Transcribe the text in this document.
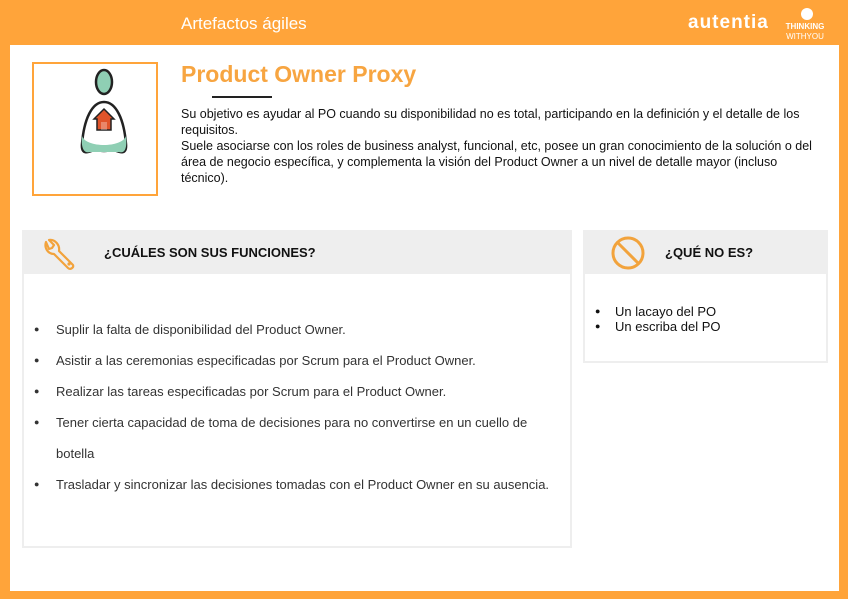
Artefactos ágiles	autentia	THINKING
WITHYOU
Product Owner Proxy

Su objetivo es ayudar al PO cuando su disponibilidad no es total, participando en la definición y el detalle de los requisitos.

Suele asociarse con los roles de business analyst, funcional, etc, posee un gran conocimiento de la solución o del área de negocio específica, y complementa la visión del Product Owner a un nivel de detalle mayor (incluso técnico).

¿CUÁLES SON SUS FUNCIONES?
● Suplir la falta de disponibilidad del Product Owner.
● Asistir a las ceremonias especificadas por Scrum para el Product Owner.
● Realizar las tareas especificadas por Scrum para el Product Owner.
● Tener cierta capacidad de toma de decisiones para no convertirse en un cuello de botella
● Trasladar y sincronizar las decisiones tomadas con el Product Owner en su ausencia.
¿QUÉ NO ES?
● Un lacayo del PO
● Un escriba del PO
